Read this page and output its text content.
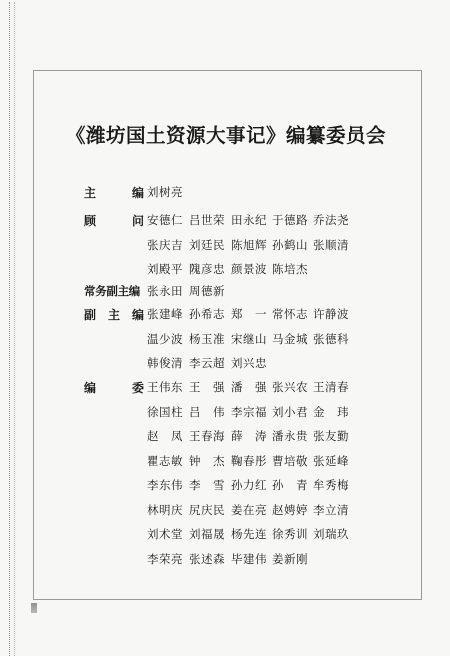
《潍坊国土资源大事记》编纂委员会
主	编 刘树亮
顾	问 安德仁 吕世荣 田永纪 于德路 乔法尧
张庆吉 刘廷民 陈旭辉 孙鹤山 张顺清
刘殿平 隗彦忠 颜景波 陈培杰
常务副主编 张永田 周德新
副 主 编 张建峰 孙希志 郑　一 常怀志 许静波
温少波 杨玉准 宋继山 马金城 张德科
韩俊清 李云超 刘兴忠
编	委 王伟东 王　强 潘　强 张兴农 王清春
徐国柱 吕　伟 李宗福 刘小君 金　玮
赵　凤 王春海 薛　涛 潘永贵 张友勤
瞿志敏 钟　杰 鞠春彤 曹培敬 张延峰
李东伟 李　雪 孙力红 孙　青 牟秀梅
林明庆 尻庆民 姜在亮 赵娉婷 李立清
刘术堂 刘福晟 杨先连 徐秀训 刘瑞玖
李荣亮 张述森 毕建伟 姜新刚
